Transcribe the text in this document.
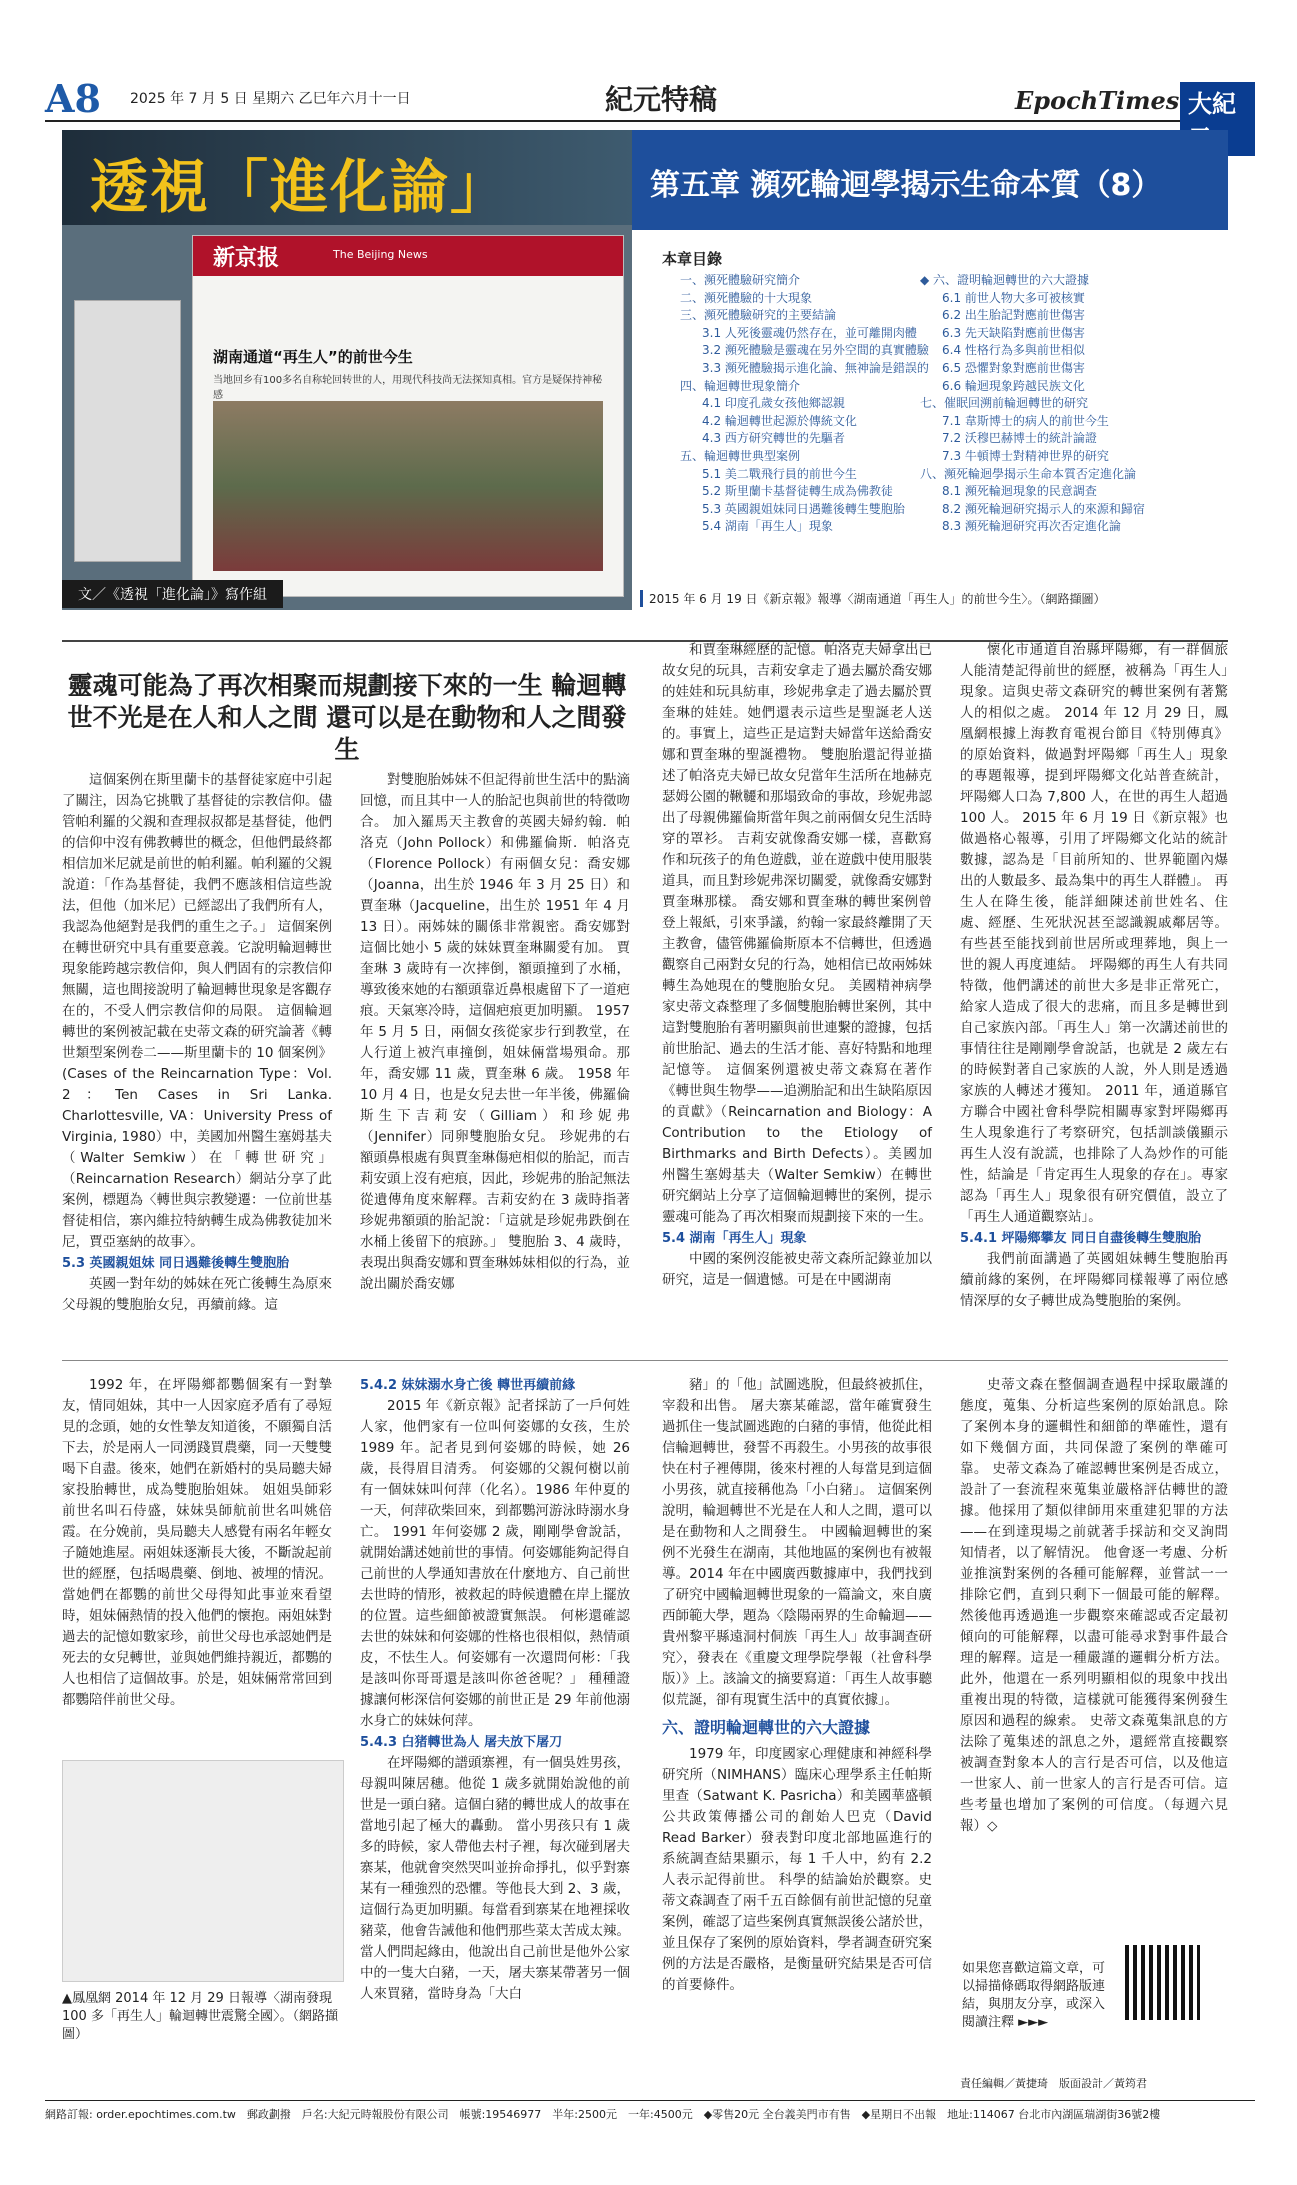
A8 2025 年 7 月 5 日 星期六 乙巳年六月十一日	紀元特稿	EpochTimes 大紀
透視「進化論」
新京报	The Beijing News
湖南通道“再生人”的前世今生
当地回乡有100多名自称轮回转世的人，用现代科技尚无法探知真相。官方是疑保持神秘感
文／《透視「進化論」》寫作組
第五章 瀕死輪迴學揭示生命本質（8）
本章目錄
一、瀕死體驗研究簡介
二、瀕死體驗的十大現象
三、瀕死體驗研究的主要結論
3.1 人死後靈魂仍然存在，並可離開肉體
3.2 瀕死體驗是靈魂在另外空間的真實體驗
3.3 瀕死體驗揭示進化論、無神論是錯誤的
四、輪迴轉世現象簡介
4.1 印度孔歲女孩他鄉認親
4.2 輪迴轉世起源於傳統文化
4.3 西方研究轉世的先驅者
五、輪迴轉世典型案例
5.1 美二戰飛行員的前世今生
5.2 斯里蘭卡基督徒轉生成為佛教徒
5.3 英國親姐妹同日遇難後轉生雙胞胎
5.4 湖南「再生人」現象
◆ 六、證明輪迴轉世的六大證據
6.1 前世人物大多可被核實
6.2 出生胎記對應前世傷害
6.3 先天缺陷對應前世傷害
6.4 性格行為多與前世相似
6.5 恐懼對象對應前世傷害
6.6 輪迴現象跨越民族文化
七、催眠回溯前輪迴轉世的研究
7.1 韋斯博士的病人的前世今生
7.2 沃穆巴赫博士的統計論證
7.3 牛頓博士對精神世界的研究
八、瀕死輪迴學揭示生命本質否定進化論
8.1 瀕死輪迴現象的民意調查
8.2 瀕死輪迴研究揭示人的來源和歸宿
8.3 瀕死輪迴研究再次否定進化論
2015 年 6 月 19 日《新京報》報導〈湖南通道「再生人」的前世今生〉。（網路擷圖）
靈魂可能為了再次相聚而規劃接下來的一生 輪迴轉世不光是在人和人之間 還可以是在動物和人之間發生
這個案例在斯里蘭卡的基督徒家庭中引起了關注，因為它挑戰了基督徒的宗教信仰。儘管帕利羅的父親和查理叔叔都是基督徒，他們的信仰中沒有佛教轉世的概念，但他們最終都相信加米尼就是前世的帕利羅。帕利羅的父親說道：「作為基督徒，我們不應該相信這些說法，但他（加米尼）已經認出了我們所有人，我認為他絕對是我們的重生之子。」 這個案例在轉世研究中具有重要意義。它說明輪迴轉世現象能跨越宗教信仰，與人們固有的宗教信仰無關，這也間接說明了輪迴轉世現象是客觀存在的，不受人們宗教信仰的局限。 這個輪迴轉世的案例被記載在史蒂文森的研究論著《轉世類型案例卷二——斯里蘭卡的 10 個案例》(Cases of the Reincarnation Type：Vol. 2：Ten Cases in Sri Lanka. Charlottesville, VA：University Press of Virginia, 1980）中，美國加州醫生塞姆基夫（Walter Semkiw）在「轉世研究」（Reincarnation Research）網站分享了此案例，標題為〈轉世與宗教變遷：一位前世基督徒相信，寨內維拉特納轉生成為佛教徒加米尼，賈亞塞納的故事〉。
5.3 英國親姐妹 同日遇難後轉生雙胞胎
英國一對年幼的姊妹在死亡後轉生為原來父母親的雙胞胎女兒，再續前緣。這
對雙胞胎姊妹不但記得前世生活中的點滴回憶，而且其中一人的胎記也與前世的特徵吻合。 加入羅馬天主教會的英國夫婦約翰．帕洛克（John Pollock）和佛羅倫斯．帕洛克（Florence Pollock）有兩個女兒：喬安娜（Joanna，出生於 1946 年 3 月 25 日）和賈奎琳（Jacqueline，出生於 1951 年 4 月 13 日）。兩姊妹的關係非常親密。喬安娜對這個比她小 5 歲的妹妹賈奎琳關愛有加。 賈奎琳 3 歲時有一次摔倒，額頭撞到了水桶，導致後來她的右額頭靠近鼻根處留下了一道疤痕。天氣寒冷時，這個疤痕更加明顯。 1957 年 5 月 5 日，兩個女孩從家步行到教堂，在人行道上被汽車撞倒，姐妹倆當場殞命。那年，喬安娜 11 歲，賈奎琳 6 歲。 1958 年 10 月 4 日，也是女兒去世一年半後，佛羅倫斯生下吉莉安（Gilliam）和珍妮弗（Jennifer）同卵雙胞胎女兒。 珍妮弗的右額頭鼻根處有與賈奎琳傷疤相似的胎記，而吉莉安頭上沒有疤痕，因此，珍妮弗的胎記無法從遺傳角度來解釋。吉莉安約在 3 歲時指著珍妮弗額頭的胎記說：「這就是珍妮弗跌倒在水桶上後留下的痕跡。」 雙胞胎 3、4 歲時，表現出與喬安娜和賈奎琳姊妹相似的行為，並說出關於喬安娜
和賈奎琳經歷的記憶。帕洛克夫婦拿出已故女兒的玩具，吉莉安拿走了過去屬於喬安娜的娃娃和玩具紡車，珍妮弗拿走了過去屬於賈奎琳的娃娃。她們還表示這些是聖誕老人送的。事實上，這些正是這對夫婦當年送給喬安娜和賈奎琳的聖誕禮物。 雙胞胎還記得並描述了帕洛克夫婦已故女兒當年生活所在地赫克瑟姆公園的鞦韆和那塌致命的事故，珍妮弗認出了母親佛羅倫斯當年與之前兩個女兒生活時穿的罩衫。 吉莉安就像喬安娜一樣，喜歡寫作和玩孩子的角色遊戲，並在遊戲中使用服裝道具，而且對珍妮弗深切關愛，就像喬安娜對賈奎琳那樣。 喬安娜和賈奎琳的轉世案例曾登上報紙，引來爭議，約翰一家最終離開了天主教會，儘管佛羅倫斯原本不信轉世，但透過觀察自己兩對女兒的行為，她相信已故兩姊妹轉生為她現在的雙胞胎女兒。 美國精神病學家史蒂文森整理了多個雙胞胎轉世案例，其中這對雙胞胎有著明顯與前世連繫的證據，包括前世胎記、過去的生活才能、喜好特點和地理記憶等。 這個案例還被史蒂文森寫在著作《轉世與生物學——追溯胎記和出生缺陷原因的貢獻》（Reincarnation and Biology：A Contribution to the Etiology of Birthmarks and Birth Defects）。美國加州醫生塞姆基夫（Walter Semkiw）在轉世研究網站上分享了這個輪迴轉世的案例，提示靈魂可能為了再次相聚而規劃接下來的一生。
5.4 湖南「再生人」現象
中國的案例沒能被史蒂文森所記錄並加以研究，這是一個遺憾。可是在中國湖南
懷化市通道自治縣坪陽鄉，有一群個旅人能清楚記得前世的經歷，被稱為「再生人」現象。這與史蒂文森研究的轉世案例有著驚人的相似之處。 2014 年 12 月 29 日，鳳凰網根據上海教育電視台節目《特別傳真》的原始資料，做過對坪陽鄉「再生人」現象的專題報導，提到坪陽鄉文化站普查統計，坪陽鄉人口為 7,800 人，在世的再生人超過 100 人。 2015 年 6 月 19 日《新京報》也做過格心報導，引用了坪陽鄉文化站的統計數據，認為是「目前所知的、世界範圍內爆出的人數最多、最為集中的再生人群體」。 再生人在降生後，能詳細陳述前世姓名、住處、經歷、生死狀況甚至認識親戚鄰居等。有些甚至能找到前世居所或理葬地，與上一世的親人再度連結。 坪陽鄉的再生人有共同特徵，他們講述的前世大多是非正常死亡，給家人造成了很大的悲痛，而且多是轉世到自己家族內部。「再生人」第一次講述前世的事情往往是剛剛學會說話，也就是 2 歲左右的時候對著自己家族的人說，外人則是透過家族的人轉述才獲知。 2011 年，通道縣官方聯合中國社會科學院相關專家對坪陽鄉再生人現象進行了考察研究，包括訓談儀顯示再生人沒有說謊，也排除了人為炒作的可能性，結論是「肯定再生人現象的存在」。專家認為「再生人」現象很有研究價值，設立了「再生人通道觀察站」。
5.4.1 坪陽鄉攀友 同日自盡後轉生雙胞胎
我們前面講過了英國姐妹轉生雙胞胎再續前緣的案例，在坪陽鄉同樣報導了兩位感情深厚的女子轉世成為雙胞胎的案例。
1992 年，在坪陽鄉都鸚個案有一對摯友，情同姐妹，其中一人因家庭矛盾有了尋短見的念頭，她的女性摯友知道後，不願獨自活下去，於是兩人一同湧踐買農藥，同一天雙雙喝下自盡。後來，她們在新婚村的吳局聽夫婦家投胎轉世，成為雙胞胎姐妹。 姐姐吳師彩前世名叫石侍盛，妹妹吳師航前世名叫姚倍霞。在分娩前，吳局聽夫人感覺有兩名年輕女子隨她進屋。兩姐妹逐漸長大後，不斷說起前世的經歷，包括喝農藥、倒地、被埋的情況。 當她們在都鸚的前世父母得知此事並來看望時，姐妹倆熱情的投入他們的懷抱。兩姐妹對過去的記憶如數家珍，前世父母也承認她們是死去的女兒轉世，並與她們維持親近，都鸚的人也相信了這個故事。於是，姐妹倆常常回到都鸚陪伴前世父母。
▲鳳凰網 2014 年 12 月 29 日報導〈湖南發現 100 多「再生人」輪迴轉世震驚全國〉。（網路擷圖）
5.4.2 妹妹溺水身亡後 轉世再續前緣
2015 年《新京報》記者採訪了一戶何姓人家，他們家有一位叫何姿娜的女孩，生於 1989 年。記者見到何姿娜的時候，她 26 歲，長得眉目清秀。 何姿娜的父親何樹以前有一個妹妹叫何萍（化名）。1986 年仲夏的一天，何萍砍柴回來，到都鸚河游泳時溺水身亡。 1991 年何姿娜 2 歲，剛剛學會說話，就開始講述她前世的事情。何姿娜能夠記得自己前世的人學通知書放在什麼地方、自己前世去世時的情形，被救起的時候遺體在岸上擺放的位置。這些細節被證實無誤。 何彬還確認去世的妹妹和何姿娜的性格也很相似，熱情頑皮，不怯生人。何姿娜有一次還問何彬：「我是該叫你哥哥還是該叫你爸爸呢？」 種種證據讓何彬深信何姿娜的前世正是 29 年前他溺水身亡的妹妹何萍。
5.4.3 白猪轉世為人 屠夫放下屠刀
在坪陽鄉的譜頭寨裡，有一個吳姓男孩，母親叫陳居穗。他從 1 歲多就開始說他的前世是一頭白豬。這個白豬的轉世成人的故事在當地引起了極大的轟動。 當小男孩只有 1 歲多的時候，家人帶他去村子裡，每次碰到屠夫寨某，他就會突然哭叫並拚命掙扎，似乎對寨某有一種強烈的恐懼。等他長大到 2、3 歲，這個行為更加明顯。每當看到寨某在地裡採收豬菜，他會告誡他和他們那些菜太苦成太辣。 當人們問起緣由，他說出自己前世是他外公家中的一隻大白豬，一天，屠夫寨某帶著另一個人來買豬，當時身為「大白
豬」的「他」試圖逃脫，但最終被抓住，宰殺和出售。 屠夫寨某確認，當年確實發生過抓住一隻試圖逃跑的白豬的事情，他從此相信輪迴轉世，發誓不再殺生。小男孩的故事很快在村子裡傳開，後來村裡的人每當見到這個小男孩，就直接稱他為「小白豬」。 這個案例說明，輪迴轉世不光是在人和人之間，還可以是在動物和人之間發生。 中國輪迴轉世的案例不光發生在湖南，其他地區的案例也有被報導。2014 年在中國廣西數據庫中，我們找到了研究中國輪迴轉世現象的一篇論文，來自廣西師範大學，題為〈陰陽兩界的生命輪迴——貴州黎平縣遠洞村侗族「再生人」故事調查研究〉，發表在《重慶文理學院學報（社會科學版）》上。該論文的摘要寫道：「再生人故事聽似荒誕，卻有現實生活中的真實依據」。
六、證明輪迴轉世的六大證據
1979 年，印度國家心理健康和神經科學研究所（NIMHANS）臨床心理學系主任帕斯里查（Satwant K. Pasricha）和美國華盛頓公共政策傳播公司的創始人巴克（David Read Barker）發表對印度北部地區進行的系統調查結果顯示，每 1 千人中，約有 2.2 人表示記得前世。 科學的結論始於觀察。史蒂文森調查了兩千五百餘個有前世記憶的兒童案例，確認了這些案例真實無誤後公諸於世，並且保存了案例的原始資料，學者調查研究案例的方法是否嚴格，是衡量研究結果是否可信的首要條件。
史蒂文森在整個調查過程中採取嚴謹的態度，蒐集、分析這些案例的原始訊息。除了案例本身的邏輯性和細節的準確性，還有如下幾個方面，共同保證了案例的準確可靠。 史蒂文森為了確認轉世案例是否成立，設計了一套流程來蒐集並嚴格評估轉世的證據。他採用了類似律師用來重建犯罪的方法——在到達現場之前就著手採訪和交叉詢問知情者，以了解情況。 他會逐一考慮、分析並推演對案例的各種可能解釋，並嘗試一一排除它們，直到只剩下一個最可能的解釋。然後他再透過進一步觀察來確認或否定最初傾向的可能解釋，以盡可能尋求對事件最合理的解釋。這是一種嚴謹的邏輯分析方法。 此外，他還在一系列明顯相似的現象中找出重複出現的特徵，這樣就可能獲得案例發生原因和過程的線索。 史蒂文森蒐集訊息的方法除了蒐集述的訊息之外，還經常直接觀察被調查對象本人的言行是否可信，以及他這一世家人、前一世家人的言行是否可信。這些考量也增加了案例的可信度。（每週六見報）◇
如果您喜歡這篇文章，可以掃描條碼取得網路版連結，與朋友分享，或深入閱讀注釋 ►►►
責任編輯／黃捷琦　版面設計／黃筠君
網路訂報: order.epochtimes.com.tw　郵政劃撥　戶名:大紀元時報股份有限公司　帳號:19546977　半年:2500元　一年:4500元　◆零售20元 全台義美門市有售　◆星期日不出報　地址:114067 台北市內湖區瑞湖街36號2樓
